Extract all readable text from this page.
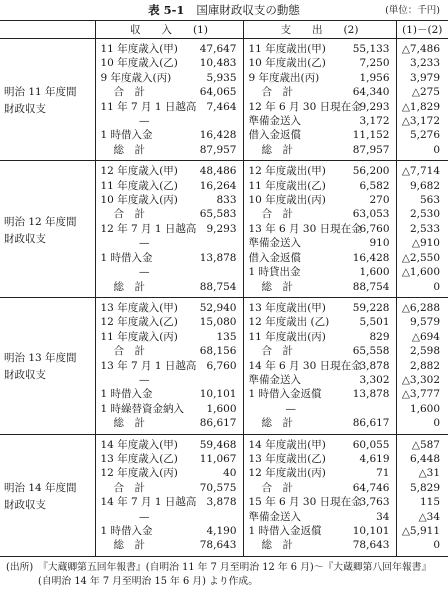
表 5-1 国庫財政収支の動態	(単位：千円)
	収　　入　　(1)		支　　出　　(2)		(1)－(2)

明治 11 年度間
財政収支	11 年度歳入(甲)	47,647	11 年度歳出(甲)	55,133	△7,486
	10 年度歳入(乙)	10,483	10 年度歳出(乙)	7,250	3,233
	9 年度歳入(丙)	5,935	9 年度歳出(丙)	1,956	3,979
	合　計	64,065	合　計	64,340	△275
	11 年 7 月 1 日越高	7,464	12 年 6 月 30 日現在金	9,293	△1,829
	—		準備金送入	3,172	△3,172
	1 時借入金	16,428	借入金返償	11,152	5,276
	総　計	87,957	総　計	87,957	0

明治 12 年度間
財政収支	12 年度歳入(甲)	48,486	12 年度歳出(甲)	56,200	△7,714
	11 年度歳入(乙)	16,264	11 年度歳出(乙)	6,582	9,682
	10 年度歳入(丙)	833	10 年度歳出(丙)	270	563
	合　計	65,583	合　計	63,053	2,530
	12 年 7 月 1 日越高	9,293	13 年 6 月 30 日現在金	6,760	2,533
	—		準備金送入	910	△910
	1 時借入金	13,878	借入金返償	16,428	△2,550
	—		1 時貸出金	1,600	△1,600
	総　計	88,754	総　計	88,754	0

明治 13 年度間
財政収支	13 年度歳入(甲)	52,940	13 年度歳出(甲)	59,228	△6,288
	12 年度歳入(乙)	15,080	12 年度歳出 (乙)	5,501	9,579
	11 年度歳入(丙)	135	11 年度歳出(丙)	829	△694
	合　計	68,156	合　計	65,558	2,598
	13 年 7 月 1 日越高	6,760	14 年 6 月 30 日現在金	3,878	2,882
	—		準備金送入	3,302	△3,302
	1 時借入金	10,101	1 時借入金返償	13,878	△3,777
	1 時繰替資金納入	1,600	—		1,600
	総　計	86,617	総　計	86,617	0

明治 14 年度間
財政収支	14 年度歳入(甲)	59,468	14 年度歳出(甲)	60,055	△587
	13 年度歳入(乙)	11,067	13 年度歳出(乙)	4,619	6,448
	12 年度歳入(丙)	40	12 年度歳出(丙)	71	△31
	合　計	70,575	合　計	64,746	5,829
	14 年 7 月 1 日越高	3,878	15 年 6 月 30 日現在金	3,763	115
	—		準備金送入	34	△34
	1 時借入金	4,190	1 時借入金返償	10,101	△5,911
	総　計	78,643	総　計	78,643	0
(出所) 『大蔵卿第五回年報書』(自明治 11 年 7 月至明治 12 年 6 月)～『大蔵卿第八回年報書』(自明治 14 年 7 月至明治 15 年 6 月) より作成。
